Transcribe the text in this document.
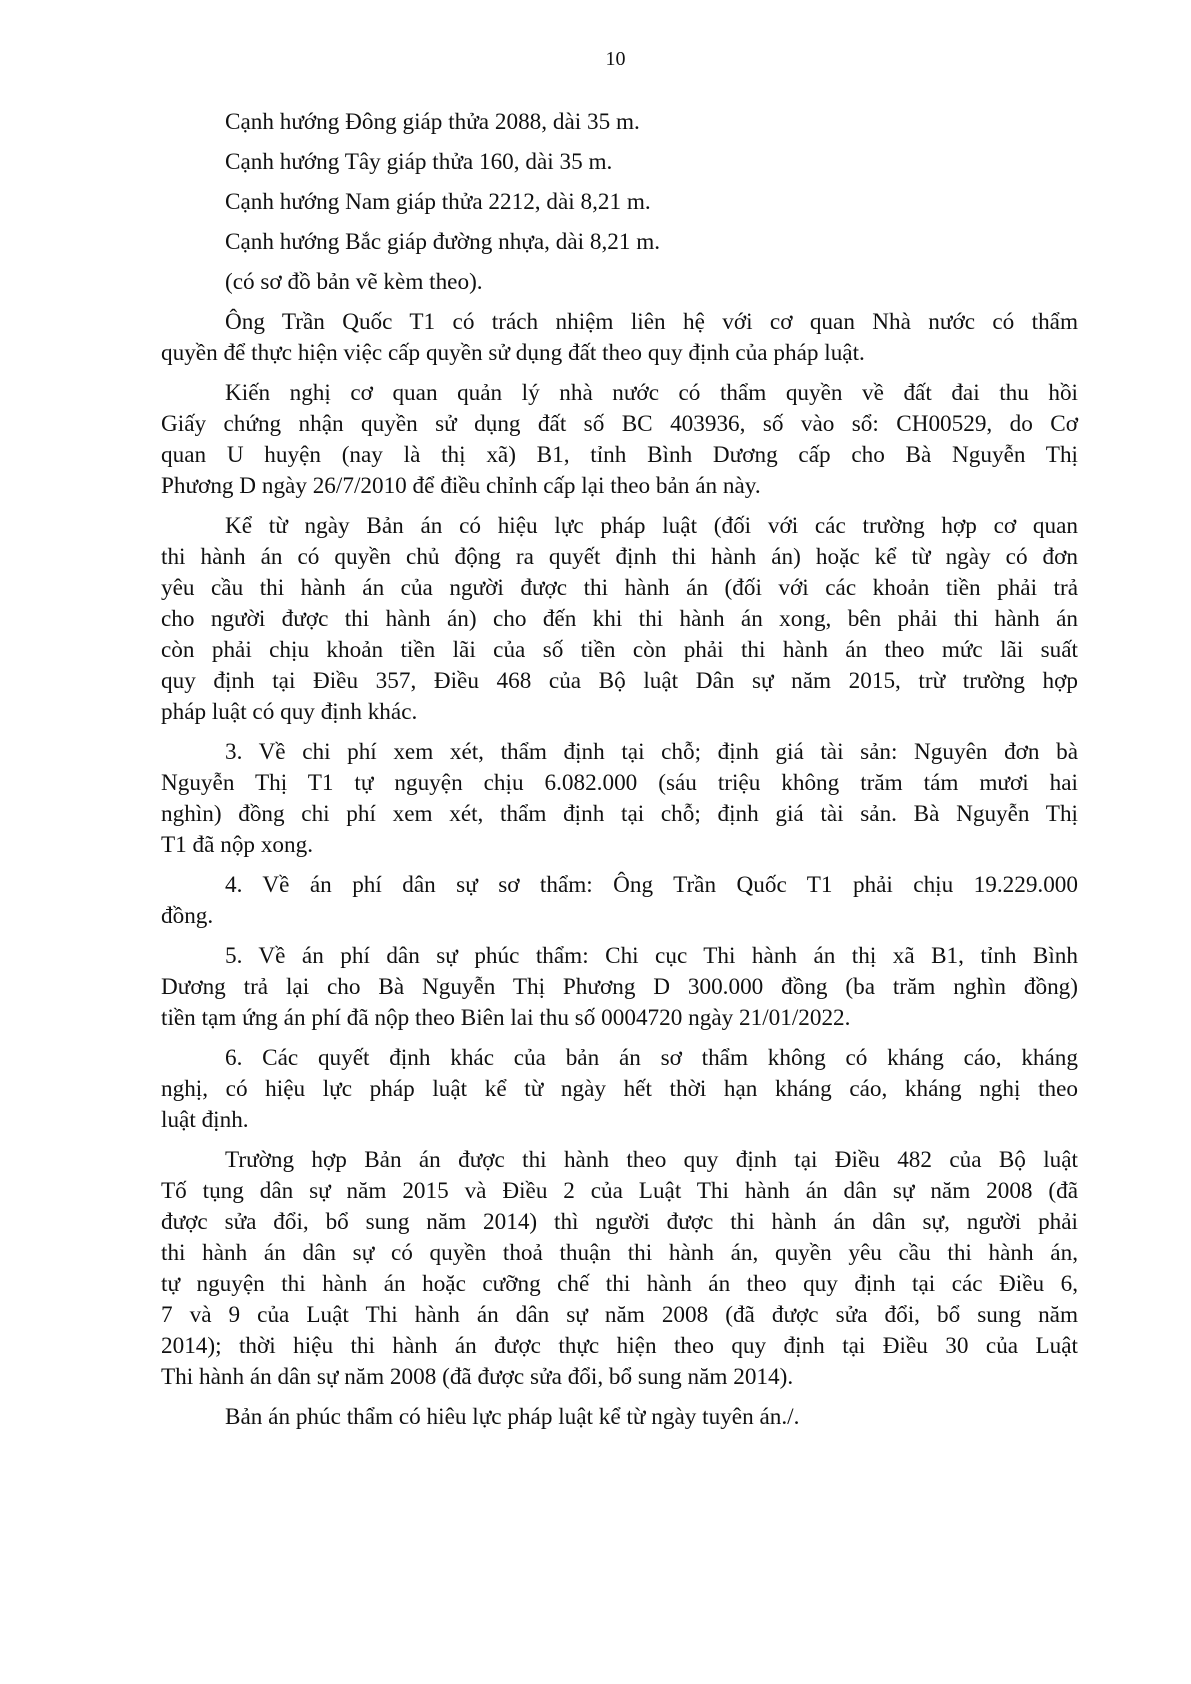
10

Cạnh hướng Đông giáp thửa 2088, dài 35 m.

Cạnh hướng Tây giáp thửa 160, dài 35 m.

Cạnh hướng Nam giáp thửa 2212, dài 8,21 m.

Cạnh hướng Bắc giáp đường nhựa, dài 8,21 m.

(có sơ đồ bản vẽ kèm theo).

Ông Trần Quốc T1 có trách nhiệm liên hệ với cơ quan Nhà nước có thẩm
quyền để thực hiện việc cấp quyền sử dụng đất theo quy định của pháp luật.

Kiến nghị cơ quan quản lý nhà nước có thẩm quyền về đất đai thu hồi
Giấy chứng nhận quyền sử dụng đất số BC 403936, số vào sổ: CH00529, do Cơ
quan U huyện (nay là thị xã) B1, tỉnh Bình Dương cấp cho Bà Nguyễn Thị
Phương D ngày 26/7/2010 để điều chỉnh cấp lại theo bản án này.

Kể từ ngày Bản án có hiệu lực pháp luật (đối với các trường hợp cơ quan
thi hành án có quyền chủ động ra quyết định thi hành án) hoặc kể từ ngày có đơn
yêu cầu thi hành án của người được thi hành án (đối với các khoản tiền phải trả
cho người được thi hành án) cho đến khi thi hành án xong, bên phải thi hành án
còn phải chịu khoản tiền lãi của số tiền còn phải thi hành án theo mức lãi suất
quy định tại Điều 357, Điều 468 của Bộ luật Dân sự năm 2015, trừ trường hợp
pháp luật có quy định khác.

3. Về chi phí xem xét, thẩm định tại chỗ; định giá tài sản: Nguyên đơn bà
Nguyễn Thị T1 tự nguyện chịu 6.082.000 (sáu triệu không trăm tám mươi hai
nghìn) đồng chi phí xem xét, thẩm định tại chỗ; định giá tài sản. Bà Nguyễn Thị
T1 đã nộp xong.

4. Về án phí dân sự sơ thẩm: Ông Trần Quốc T1 phải chịu 19.229.000
đồng.

5. Về án phí dân sự phúc thẩm: Chi cục Thi hành án thị xã B1, tỉnh Bình
Dương trả lại cho Bà Nguyễn Thị Phương D 300.000 đồng (ba trăm nghìn đồng)
tiền tạm ứng án phí đã nộp theo Biên lai thu số 0004720 ngày 21/01/2022.

6. Các quyết định khác của bản án sơ thẩm không có kháng cáo, kháng
nghị, có hiệu lực pháp luật kể từ ngày hết thời hạn kháng cáo, kháng nghị theo
luật định.

Trường hợp Bản án được thi hành theo quy định tại Điều 482 của Bộ luật
Tố tụng dân sự năm 2015 và Điều 2 của Luật Thi hành án dân sự năm 2008 (đã
được sửa đổi, bổ sung năm 2014) thì người được thi hành án dân sự, người phải
thi hành án dân sự có quyền thoả thuận thi hành án, quyền yêu cầu thi hành án,
tự nguyện thi hành án hoặc cưỡng chế thi hành án theo quy định tại các Điều 6,
7 và 9 của Luật Thi hành án dân sự năm 2008 (đã được sửa đổi, bổ sung năm
2014); thời hiệu thi hành án được thực hiện theo quy định tại Điều 30 của Luật
Thi hành án dân sự năm 2008 (đã được sửa đổi, bổ sung năm 2014).

Bản án phúc thẩm có hiêu lực pháp luật kể từ ngày tuyên án./.
